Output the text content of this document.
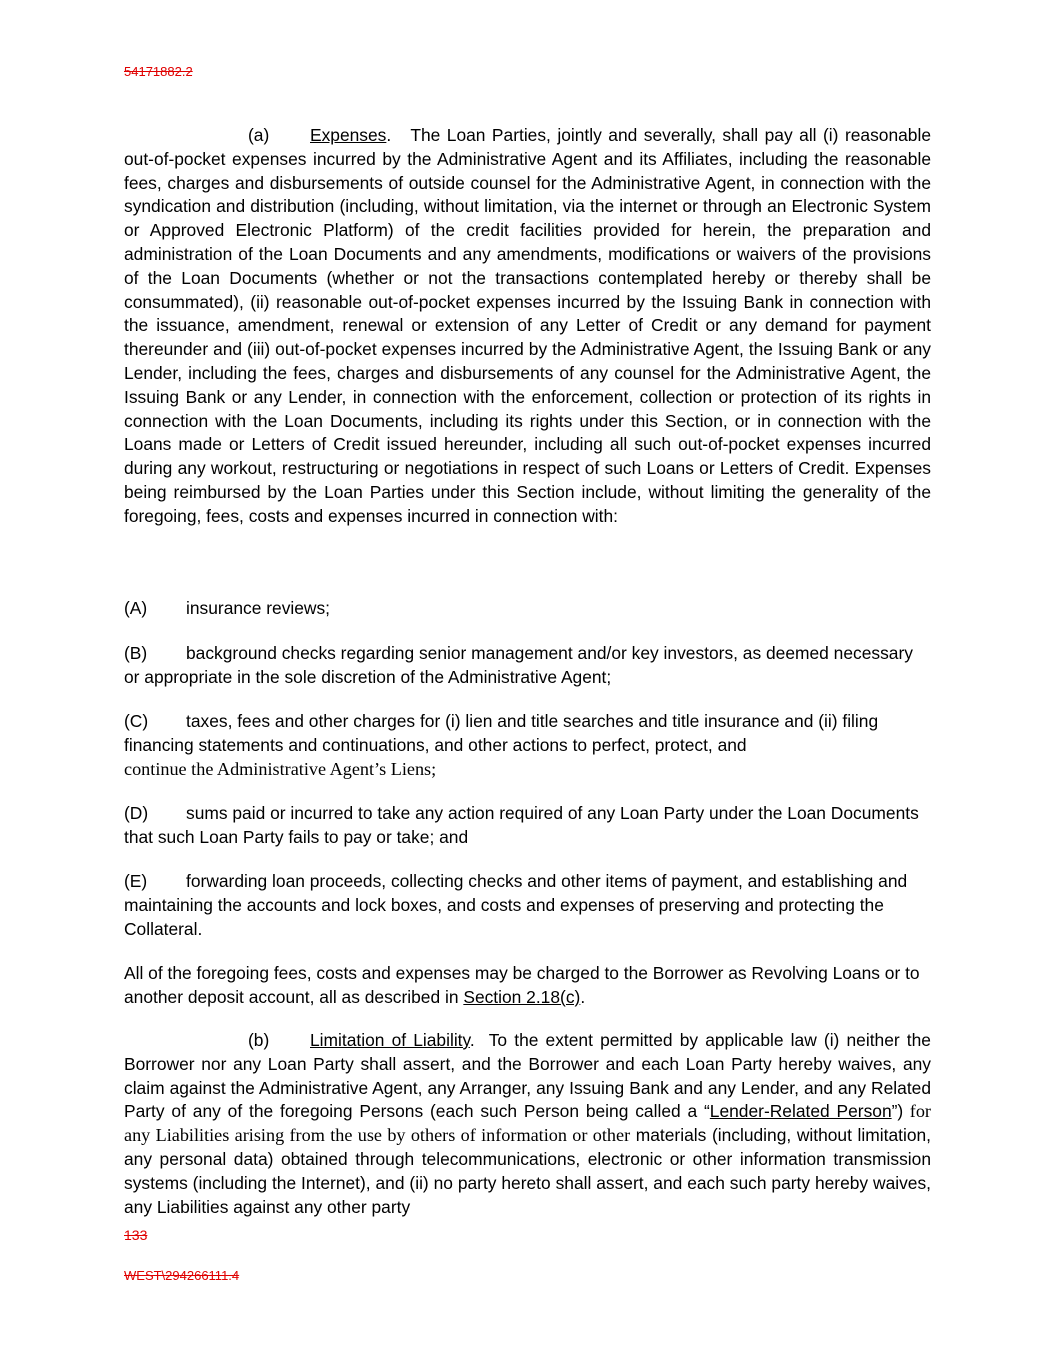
54171882.2
(a) Expenses. The Loan Parties, jointly and severally, shall pay all (i) reasonable out-of-pocket expenses incurred by the Administrative Agent and its Affiliates, including the reasonable fees, charges and disbursements of outside counsel for the Administrative Agent, in connection with the syndication and distribution (including, without limitation, via the internet or through an Electronic System or Approved Electronic Platform) of the credit facilities provided for herein, the preparation and administration of the Loan Documents and any amendments, modifications or waivers of the provisions of the Loan Documents (whether or not the transactions contemplated hereby or thereby shall be consummated), (ii) reasonable out-of-pocket expenses incurred by the Issuing Bank in connection with the issuance, amendment, renewal or extension of any Letter of Credit or any demand for payment thereunder and (iii) out-of-pocket expenses incurred by the Administrative Agent, the Issuing Bank or any Lender, including the fees, charges and disbursements of any counsel for the Administrative Agent, the Issuing Bank or any Lender, in connection with the enforcement, collection or protection of its rights in connection with the Loan Documents, including its rights under this Section, or in connection with the Loans made or Letters of Credit issued hereunder, including all such out-of-pocket expenses incurred during any workout, restructuring or negotiations in respect of such Loans or Letters of Credit. Expenses being reimbursed by the Loan Parties under this Section include, without limiting the generality of the foregoing, fees, costs and expenses incurred in connection with:
(A) insurance reviews;
(B) background checks regarding senior management and/or key investors, as deemed necessary or appropriate in the sole discretion of the Administrative Agent;
(C) taxes, fees and other charges for (i) lien and title searches and title insurance and (ii) filing financing statements and continuations, and other actions to perfect, protect, and
continue the Administrative Agent’s Liens;
(D) sums paid or incurred to take any action required of any Loan Party under the Loan Documents that such Loan Party fails to pay or take; and
(E) forwarding loan proceeds, collecting checks and other items of payment, and establishing and maintaining the accounts and lock boxes, and costs and expenses of preserving and protecting the Collateral.
All of the foregoing fees, costs and expenses may be charged to the Borrower as Revolving Loans or to another deposit account, all as described in Section 2.18(c).
(b) Limitation of Liability. To the extent permitted by applicable law (i) neither the Borrower nor any Loan Party shall assert, and the Borrower and each Loan Party hereby waives, any claim against the Administrative Agent, any Arranger, any Issuing Bank and any Lender, and any Related Party of any of the foregoing Persons (each such Person being called a “Lender-Related Person”) for any Liabilities arising from the use by others of information or other materials (including, without limitation, any personal data) obtained through telecommunications, electronic or other information transmission systems (including the Internet), and (ii) no party hereto shall assert, and each such party hereby waives, any Liabilities against any other party
133
WEST\294266111.4
